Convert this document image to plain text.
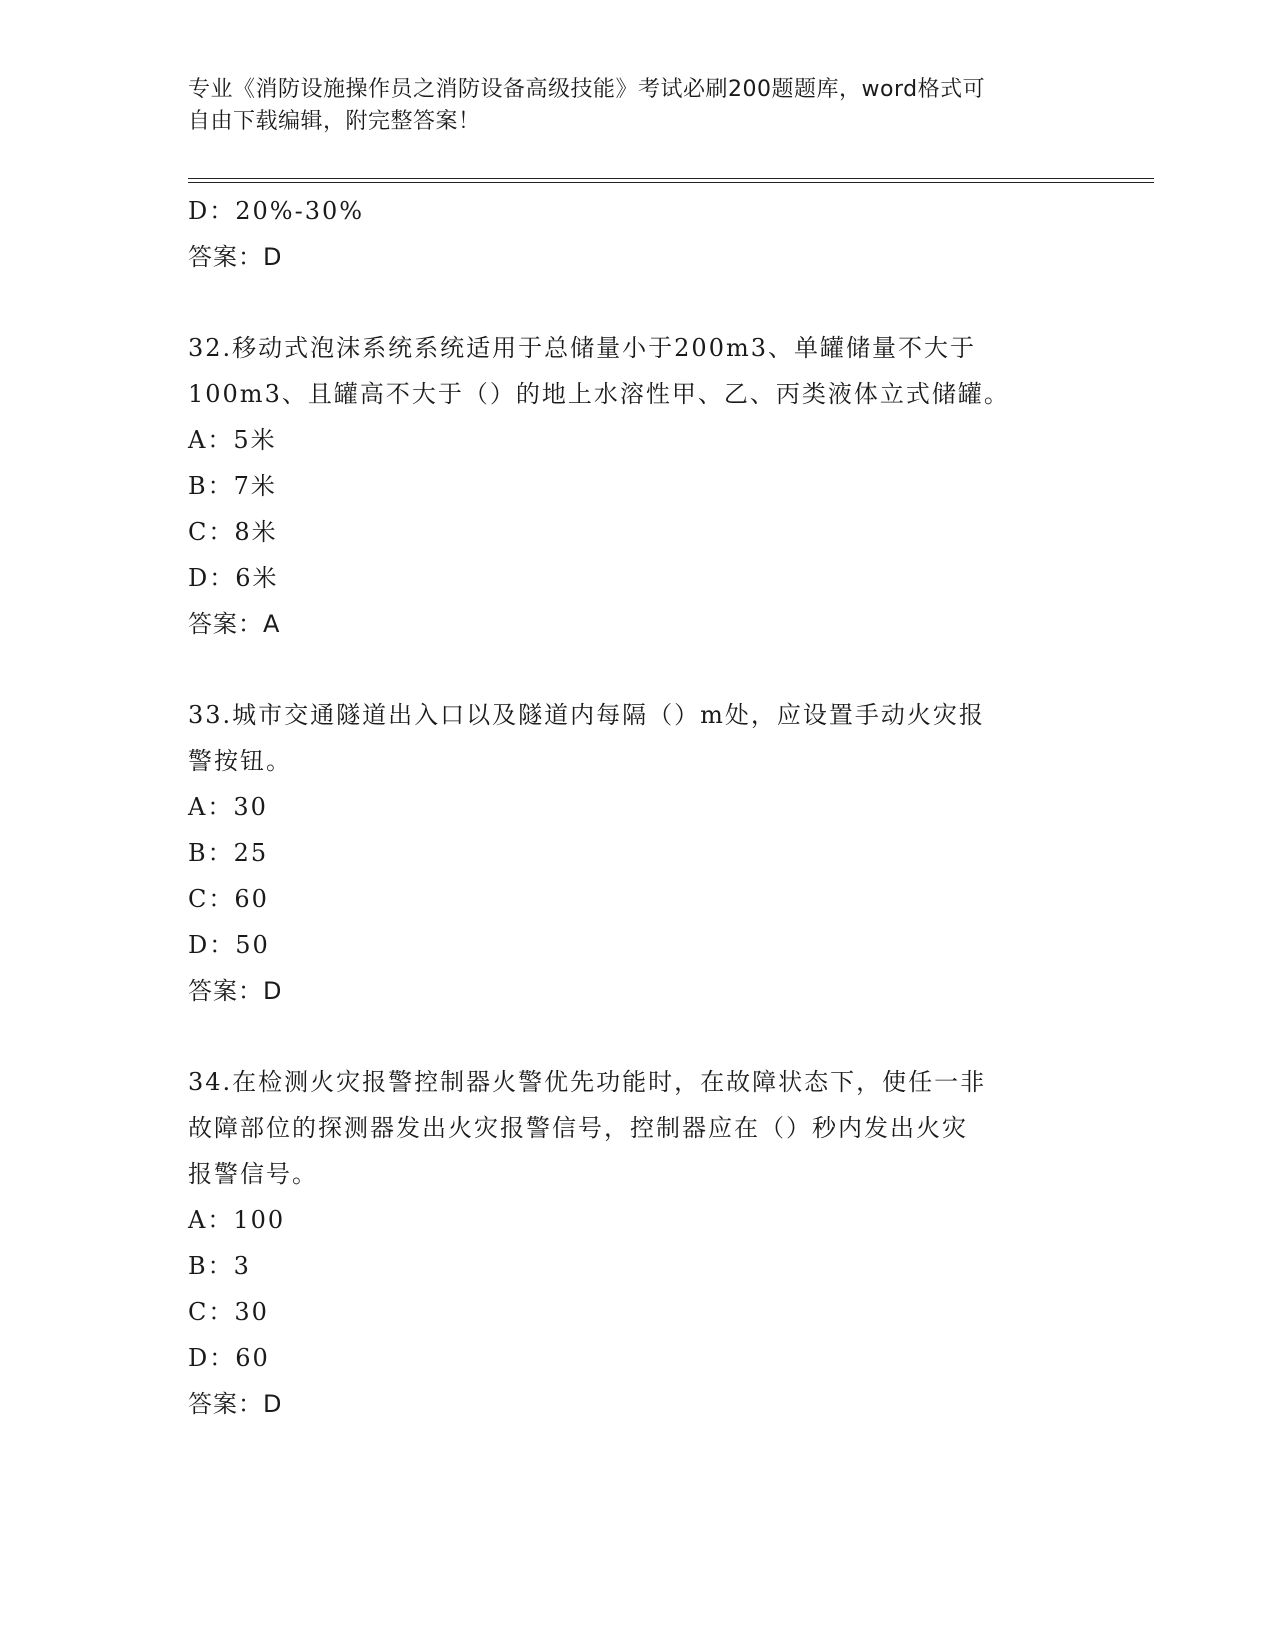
专业《消防设施操作员之消防设备高级技能》考试必刷200题题库，word格式可
自由下载编辑，附完整答案！
D：20%-30%
答案：D
32.移动式泡沫系统系统适用于总储量小于200m3、单罐储量不大于
100m3、且罐高不大于（）的地上水溶性甲、乙、丙类液体立式储罐。
A：5米
B：7米
C：8米
D：6米
答案：A
33.城市交通隧道出入口以及隧道内每隔（）m处，应设置手动火灾报
警按钮。
A：30
B：25
C：60
D：50
答案：D
34.在检测火灾报警控制器火警优先功能时，在故障状态下，使任一非
故障部位的探测器发出火灾报警信号，控制器应在（）秒内发出火灾
报警信号。
A：100
B：3
C：30
D：60
答案：D
